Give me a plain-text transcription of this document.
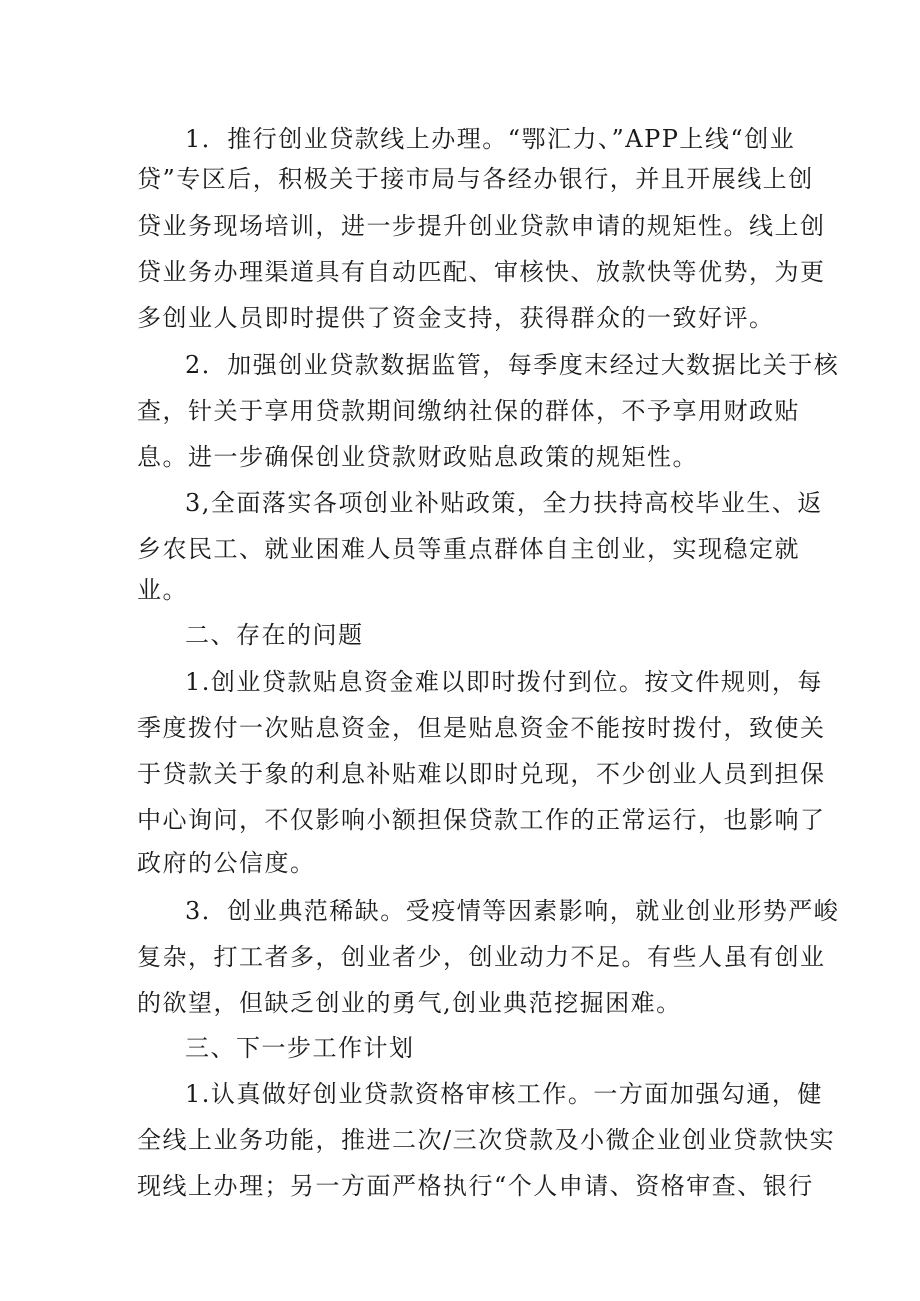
1．推行创业贷款线上办理。“鄂汇力、”APP上线“创业
贷”专区后，积极关于接市局与各经办银行，并且开展线上创
贷业务现场培训，进一步提升创业贷款申请的规矩性。线上创
贷业务办理渠道具有自动匹配、审核快、放款快等优势，为更
多创业人员即时提供了资金支持，获得群众的一致好评。
2．加强创业贷款数据监管，每季度末经过大数据比关于核
查，针关于享用贷款期间缴纳社保的群体，不予享用财政贴
息。进一步确保创业贷款财政贴息政策的规矩性。
3,全面落实各项创业补贴政策，全力扶持高校毕业生、返
乡农民工、就业困难人员等重点群体自主创业，实现稳定就
业。
二、存在的问题
1.创业贷款贴息资金难以即时拨付到位。按文件规则，每
季度拨付一次贴息资金，但是贴息资金不能按时拨付，致使关
于贷款关于象的利息补贴难以即时兑现，不少创业人员到担保
中心询问，不仅影响小额担保贷款工作的正常运行，也影响了
政府的公信度。
3．创业典范稀缺。受疫情等因素影响，就业创业形势严峻
复杂，打工者多，创业者少，创业动力不足。有些人虽有创业
的欲望，但缺乏创业的勇气,创业典范挖掘困难。
三、下一步工作计划
1.认真做好创业贷款资格审核工作。一方面加强勾通，健
全线上业务功能，推进二次/三次贷款及小微企业创业贷款快实
现线上办理；另一方面严格执行“个人申请、资格审查、银行
